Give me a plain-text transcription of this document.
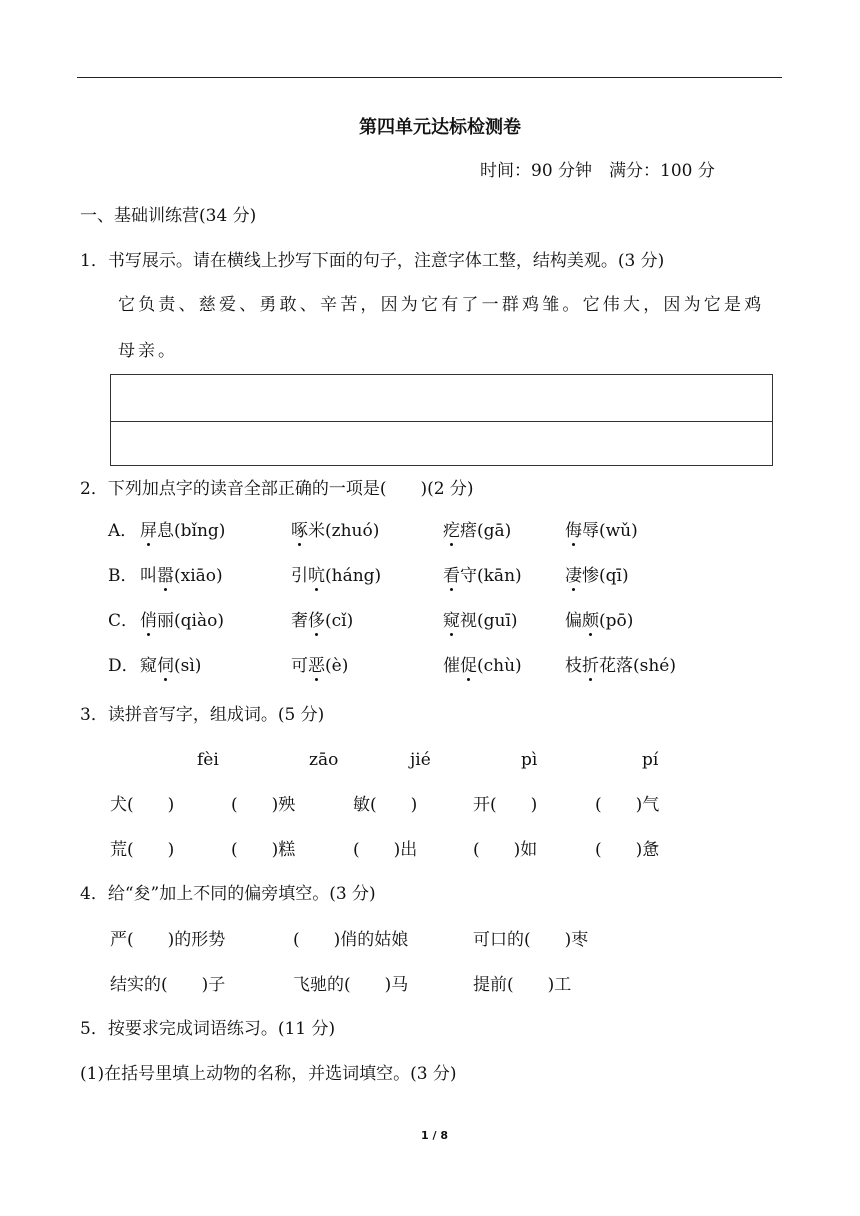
第四单元达标检测卷
时间：90 分钟　满分：100 分
一、基础训练营(34 分)
1．书写展示。请在横线上抄写下面的句子，注意字体工整，结构美观。(3 分)
它负责、慈爱、勇敢、辛苦，因为它有了一群鸡雏。它伟大，因为它是鸡
母亲。
2．下列加点字的读音全部正确的一项是(　　)(2 分)
A． 屏息(bǐng)	啄米(zhuó)	疙瘩(gā)	侮辱(wǔ)
B． 叫嚣(xiāo)	引吭(háng)	看守(kān)	凄惨(qī)
C． 俏丽(qiào)	奢侈(cǐ)	窥视(guī)	偏颇(pō)
D． 窥伺(sì)	可恶(è)	催促(chù)	枝折花落(shé)
3．读拼音写字，组成词。(5 分)
fèi	zāo	jié	pì	pí
犬(　　)	(　　)殃	敏(　　)	开(　　)	(　　)气
荒(　　)	(　　)糕	(　　)出	(　　)如	(　　)惫
4．给“夋”加上不同的偏旁填空。(3 分)
严(　　)的形势	(　　)俏的姑娘	可口的(　　)枣
结实的(　　)子	飞驰的(　　)马	提前(　　)工
5．按要求完成词语练习。(11 分)
(1)在括号里填上动物的名称，并选词填空。(3 分)
1 / 8
